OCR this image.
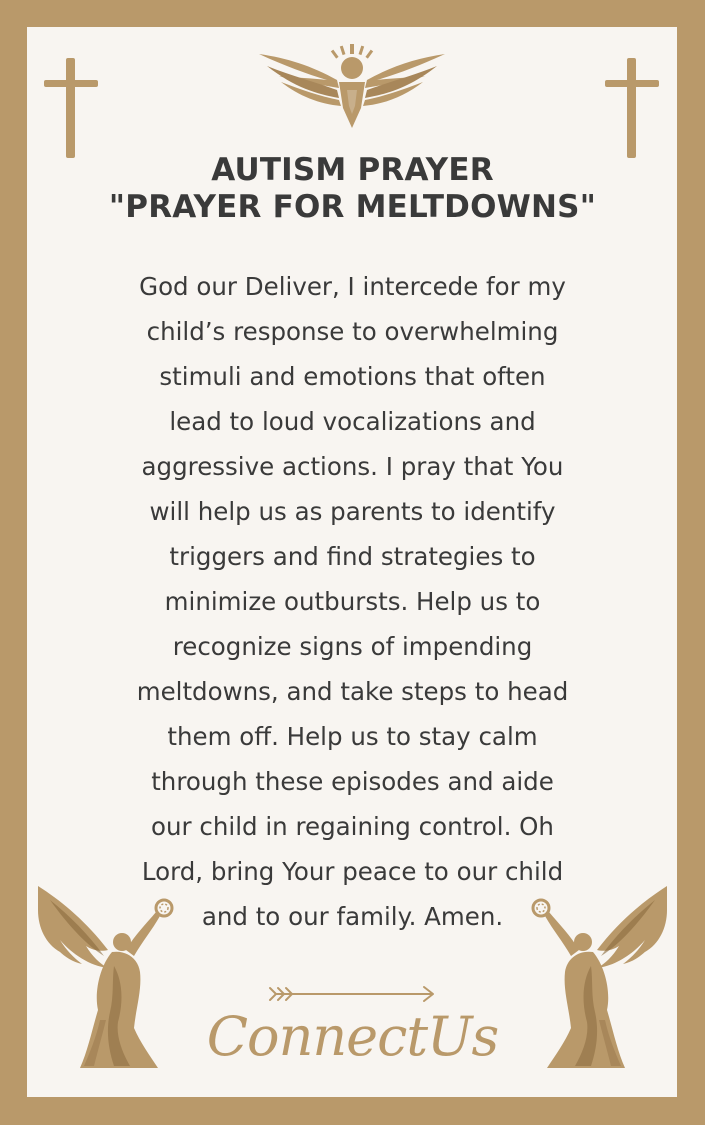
AUTISM PRAYER
"PRAYER FOR MELTDOWNS"
God our Deliver, I intercede for my
child’s response to overwhelming
stimuli and emotions that often
lead to loud vocalizations and
aggressive actions. I pray that You
will help us as parents to identify
triggers and find strategies to
minimize outbursts. Help us to
recognize signs of impending
meltdowns, and take steps to head
them off. Help us to stay calm
through these episodes and aide
our child in regaining control. Oh
Lord, bring Your peace to our child
and to our family. Amen.
ConnectUs
